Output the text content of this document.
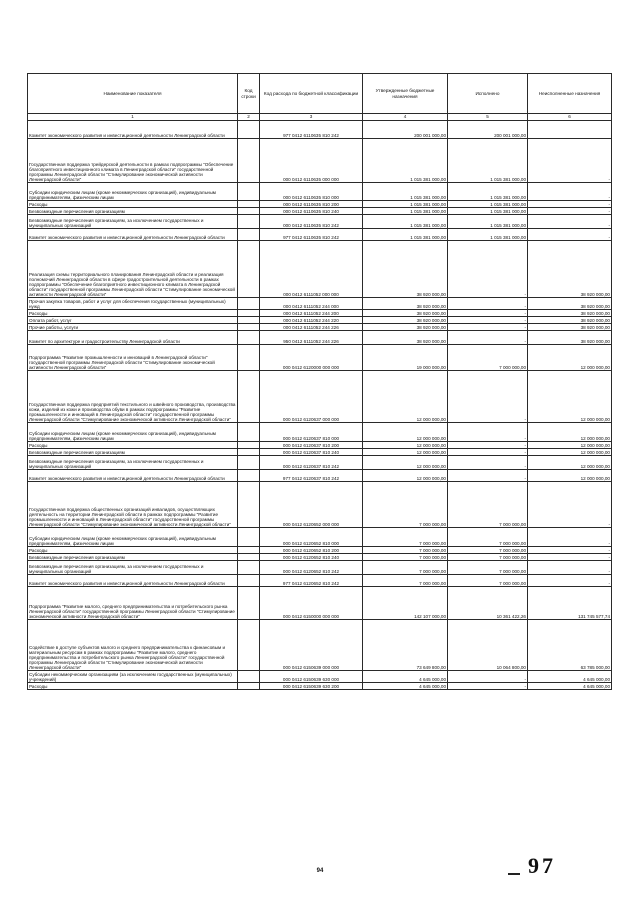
Наименование показателя	Код строки	Код расхода по бюджетной классификации	Утвержденные бюджетные назначения	Исполнено	Неисполненные назначения
1	2	3	4	5	6
Комитет экономического развития и инвестиционной деятельности Ленинградской области		977 0412 6110635 810 242	200 001 000,00	200 001 000,00	
Государственная поддержка трейдерской деятельности в рамках подпрограммы "Обеспечение благоприятного инвестиционного климата в Ленинградской области" государственной программы Ленинградской области "Стимулирование экономической активности Ленинградской области"		000 0412 6110635 000 000	1 015 381 000,00	1 015 381 000,00	-
Субсидии юридическим лицам (кроме некоммерческих организаций), индивидуальным предпринимателям, физическим лицам		000 0412 6110635 810 000	1 015 381 000,00	1 015 381 000,00	-
Расходы		000 0412 6110635 810 200	1 015 381 000,00	1 015 381 000,00	-
Безвозмездные перечисления организациям		000 0412 6110635 810 240	1 015 381 000,00	1 015 381 000,00	-
Безвозмездные перечисления организациям, за исключением государственных и муниципальных организаций		000 0412 6110635 810 242	1 015 381 000,00	1 015 381 000,00	-
Комитет экономического развития и инвестиционной деятельности Ленинградской области		977 0412 6110635 810 242	1 015 381 000,00	1 015 381 000,00	-
Реализация схемы территориального планирования Ленинградской области и реализация полномочий Ленинградской области в сфере градостроительной деятельности в рамках подпрограммы "Обеспечение благоприятного инвестиционного климата в Ленинградской области" государственной программы Ленинградской области "Стимулирование экономической активности Ленинградской области"		000 0412 6111052 000 000	38 920 000,00	-	38 920 000,00
Прочая закупка товаров, работ и услуг для обеспечения государственных (муниципальных) нужд		000 0412 6111052 244 000	38 920 000,00	-	38 920 000,00
Расходы		000 0412 6111052 244 200	38 920 000,00	-	38 920 000,00
Оплата работ, услуг		000 0412 6111052 244 220	38 920 000,00	-	38 920 000,00
Прочие работы, услуги		000 0412 6111052 244 226	38 920 000,00	-	38 920 000,00
Комитет по архитектуре и градостроительству Ленинградской области		950 0412 6111052 244 226	38 920 000,00	-	38 920 000,00
Подпрограмма "Развитие промышленности и инноваций в Ленинградской области" государственной программы Ленинградской области "Стимулирование экономической активности Ленинградской области"		000 0412 6120000 000 000	19 000 000,00	7 000 000,00	12 000 000,00
Государственная поддержка предприятий текстильного и швейного производства, производства кожи, изделий из кожи и производства обуви в рамках подпрограммы "Развитие промышленности и инноваций в Ленинградской области" государственной программы Ленинградской области "Стимулирование экономической активности Ленинградской области"		000 0412 6120637 000 000	12 000 000,00	-	12 000 000,00
Субсидии юридическим лицам (кроме некоммерческих организаций), индивидуальным предпринимателям, физическим лицам		000 0412 6120637 810 000	12 000 000,00	-	12 000 000,00
Расходы		000 0412 6120637 810 200	12 000 000,00	-	12 000 000,00
Безвозмездные перечисления организациям		000 0412 6120637 810 240	12 000 000,00	-	12 000 000,00
Безвозмездные перечисления организациям, за исключением государственных и муниципальных организаций		000 0412 6120637 810 242	12 000 000,00	-	12 000 000,00
Комитет экономического развития и инвестиционной деятельности Ленинградской области		977 0412 6120637 810 242	12 000 000,00	-	12 000 000,00
Государственная поддержка общественных организаций инвалидов, осуществляющих деятельность на территории Ленинградской области в рамках подпрограммы "Развитие промышленности и инноваций в Ленинградской области" государственной программы Ленинградской области "Стимулирование экономической активности Ленинградской области"		000 0412 6120652 000 000	7 000 000,00	7 000 000,00	-
Субсидии юридическим лицам (кроме некоммерческих организаций), индивидуальным предпринимателям, физическим лицам		000 0412 6120652 810 000	7 000 000,00	7 000 000,00	-
Расходы		000 0412 6120652 810 200	7 000 000,00	7 000 000,00	-
Безвозмездные перечисления организациям		000 0412 6120652 810 240	7 000 000,00	7 000 000,00	-
Безвозмездные перечисления организациям, за исключением государственных и муниципальных организаций		000 0412 6120652 810 242	7 000 000,00	7 000 000,00	-
Комитет экономического развития и инвестиционной деятельности Ленинградской области		977 0412 6120652 810 242	7 000 000,00	7 000 000,00	-
Подпрограмма "Развитие малого, среднего предпринимательства и потребительского рынка Ленинградской области" государственной программы Ленинградской области "Стимулирование экономической активности Ленинградской области"		000 0412 6150000 000 000	142 107 000,00	10 361 422,26	131 745 577,74
Содействие в доступе субъектов малого и среднего предпринимательства к финансовым и материальным ресурсам в рамках подпрограммы "Развитие малого, среднего предпринимательства и потребительского рынка Ленинградской области" государственной программы Ленинградской области "Стимулирование экономической активности Ленинградской области"		000 0412 6150639 000 000	73 649 800,00	10 064 800,00	63 785 000,00
Субсидии некоммерческим организациям (за исключением государственных (муниципальных) учреждений)		000 0412 6150639 630 000	4 645 000,00	-	4 645 000,00
Расходы		000 0412 6150639 630 200	4 645 000,00	-	4 645 000,00
94	97
